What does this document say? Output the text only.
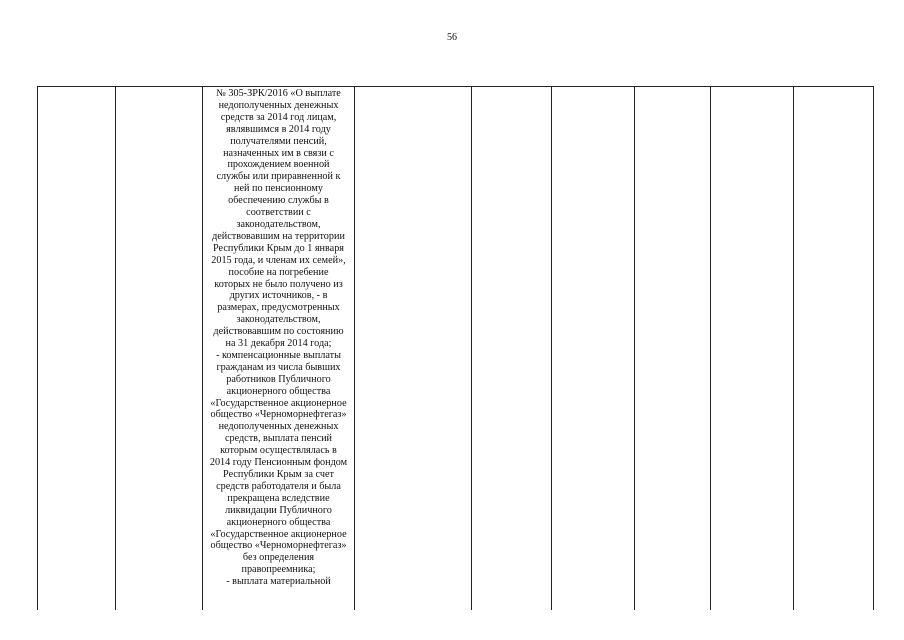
56

№ 305-ЗРК/2016 «О выплате
недополученных денежных
средств за 2014 год лицам,
являвшимся в 2014 году
получателями пенсий,
назначенных им в связи с
прохождением военной
службы или приравненной к
ней по пенсионному
обеспечению службы в
соответствии с
законодательством,
действовавшим на территории
Республики Крым до 1 января
2015 года, и членам их семей»,
пособие на погребение
которых не было получено из
других источников, - в
размерах, предусмотренных
законодательством,
действовавшим по состоянию
на 31 декабря 2014 года;
- компенсационные выплаты
гражданам из числа бывших
работников Публичного
акционерного общества
«Государственное акционерное
общество «Черноморнефтегаз»
недополученных денежных
средств, выплата пенсий
которым осуществлялась в
2014 году Пенсионным фондом
Республики Крым за счет
средств работодателя и была
прекращена вследствие
ликвидации Публичного
акционерного общества
«Государственное акционерное
общество «Черноморнефтегаз»
без определения
правопреемника;
- выплата материальной
